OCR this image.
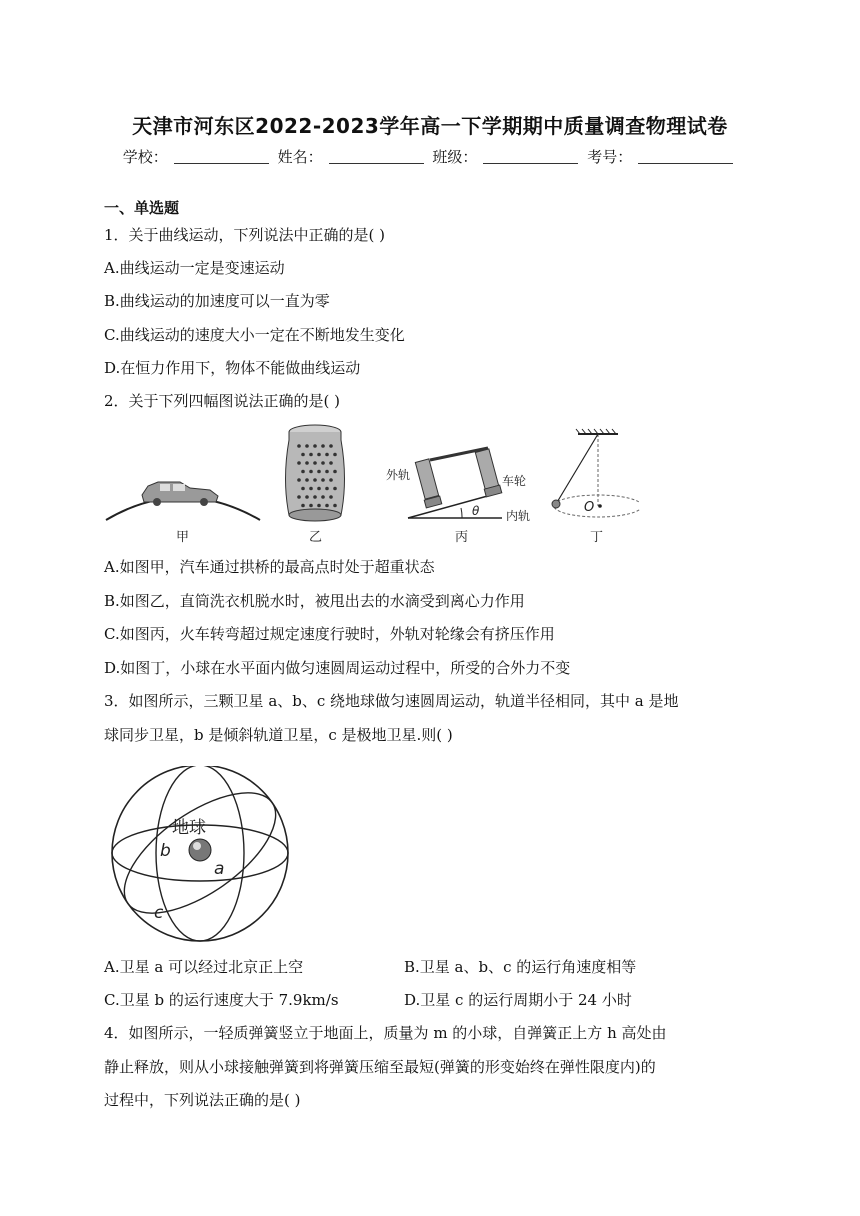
天津市河东区2022-2023学年高一下学期期中质量调查物理试卷
学校：	姓名：	班级：	考号：
一、单选题
1．关于曲线运动，下列说法中正确的是( )
A.曲线运动一定是变速运动
B.曲线运动的加速度可以一直为零
C.曲线运动的速度大小一定在不断地发生变化
D.在恒力作用下，物体不能做曲线运动
2．关于下列四幅图说法正确的是( )
甲	乙
外轨	车轮
内轨
θ
丙
O
丁
A.如图甲，汽车通过拱桥的最高点时处于超重状态
B.如图乙，直筒洗衣机脱水时，被甩出去的水滴受到离心力作用
C.如图丙，火车转弯超过规定速度行驶时，外轨对轮缘会有挤压作用
D.如图丁，小球在水平面内做匀速圆周运动过程中，所受的合外力不变
3．如图所示，三颗卫星 a、b、c 绕地球做匀速圆周运动，轨道半径相同，其中 a 是地
球同步卫星，b 是倾斜轨道卫星，c 是极地卫星.则( )
地球
b
a
c
A.卫星 a 可以经过北京正上空	B.卫星 a、b、c 的运行角速度相等
C.卫星 b 的运行速度大于 7.9km/s	D.卫星 c 的运行周期小于 24 小时
4．如图所示，一轻质弹簧竖立于地面上，质量为 m 的小球，自弹簧正上方 h 高处由
静止释放，则从小球接触弹簧到将弹簧压缩至最短(弹簧的形变始终在弹性限度内)的
过程中，下列说法正确的是( )
